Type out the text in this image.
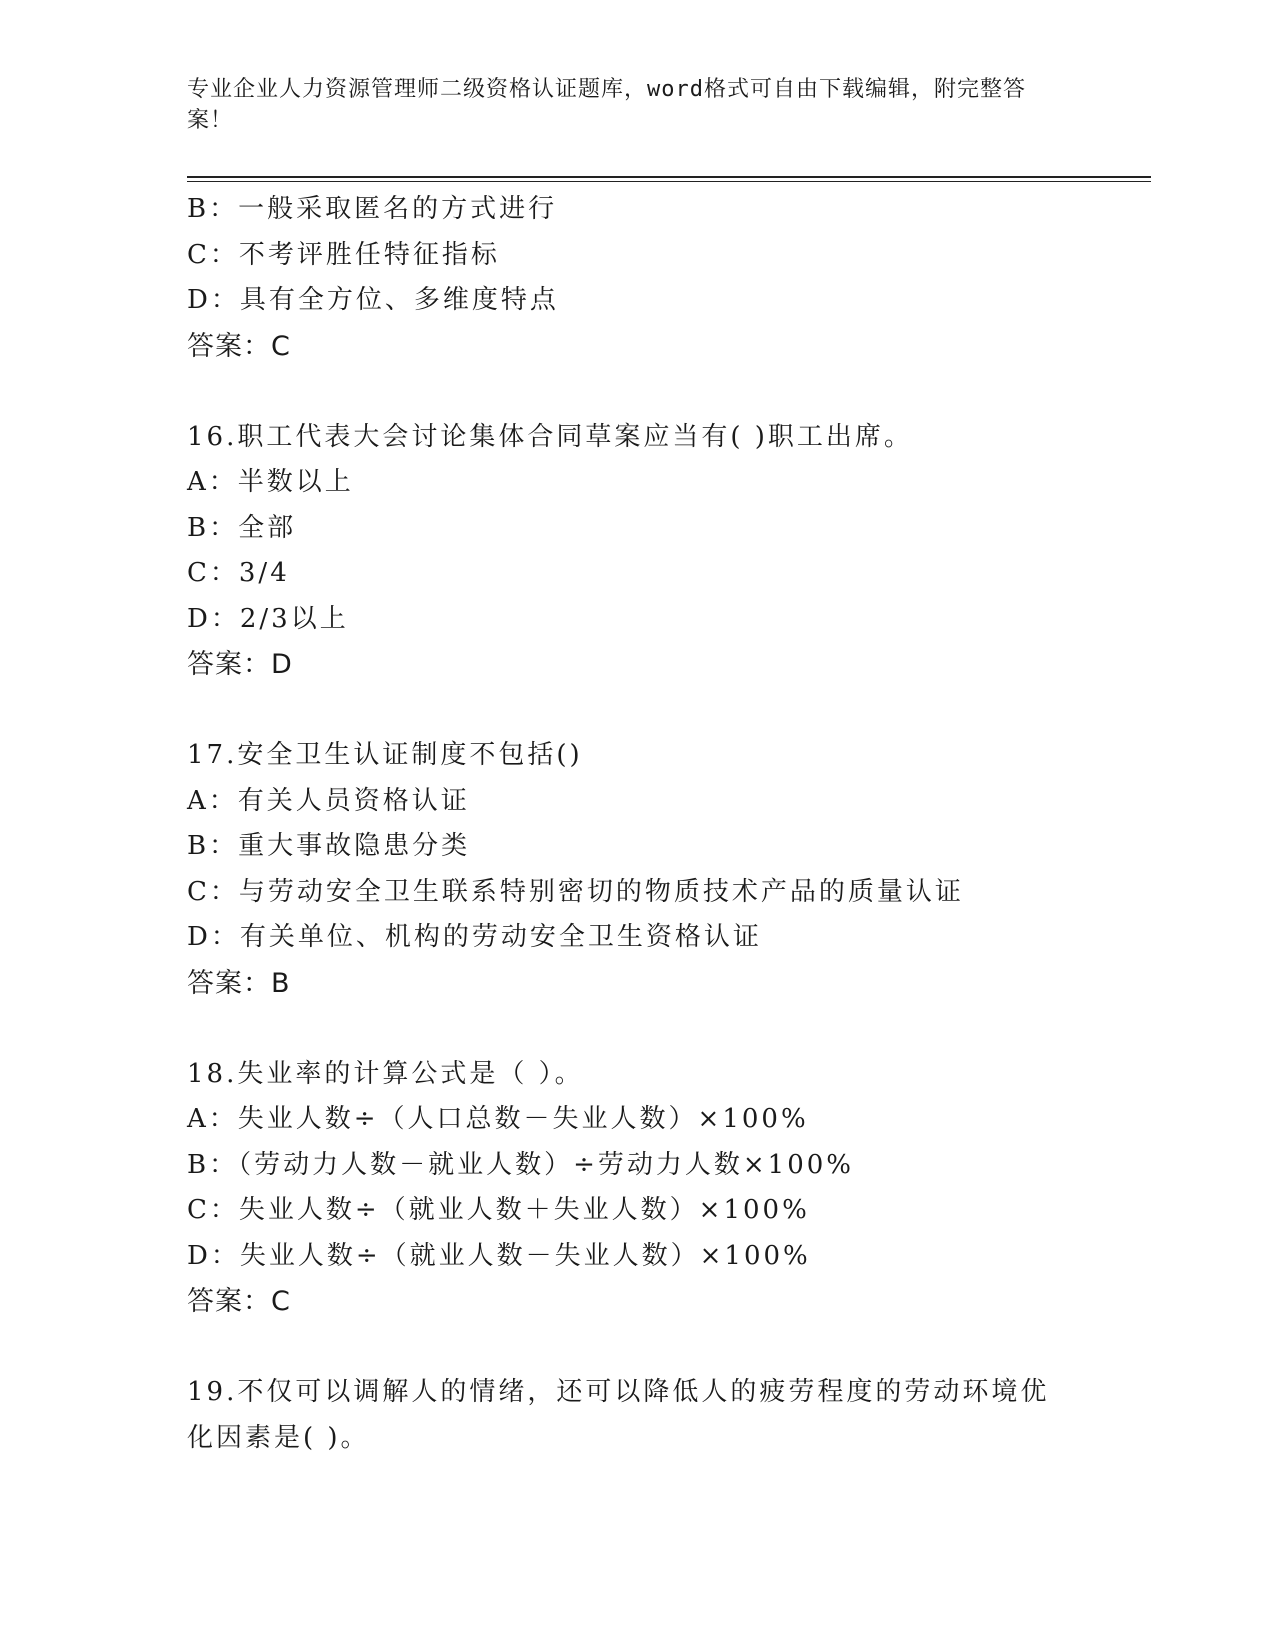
专业企业人力资源管理师二级资格认证题库，word格式可自由下载编辑，附完整答案！
B：一般采取匿名的方式进行
C：不考评胜任特征指标
D：具有全方位、多维度特点
答案：C
16.职工代表大会讨论集体合同草案应当有( )职工出席。
A：半数以上
B：全部
C：3/4
D：2/3以上
答案：D
17.安全卫生认证制度不包括()
A：有关人员资格认证
B：重大事故隐患分类
C：与劳动安全卫生联系特别密切的物质技术产品的质量认证
D：有关单位、机构的劳动安全卫生资格认证
答案：B
18.失业率的计算公式是（ ）。
A：失业人数÷（人口总数－失业人数）×100%
B：（劳动力人数－就业人数）÷劳动力人数×100%
C：失业人数÷（就业人数＋失业人数）×100%
D：失业人数÷（就业人数－失业人数）×100%
答案：C
19.不仅可以调解人的情绪，还可以降低人的疲劳程度的劳动环境优化因素是( )。
